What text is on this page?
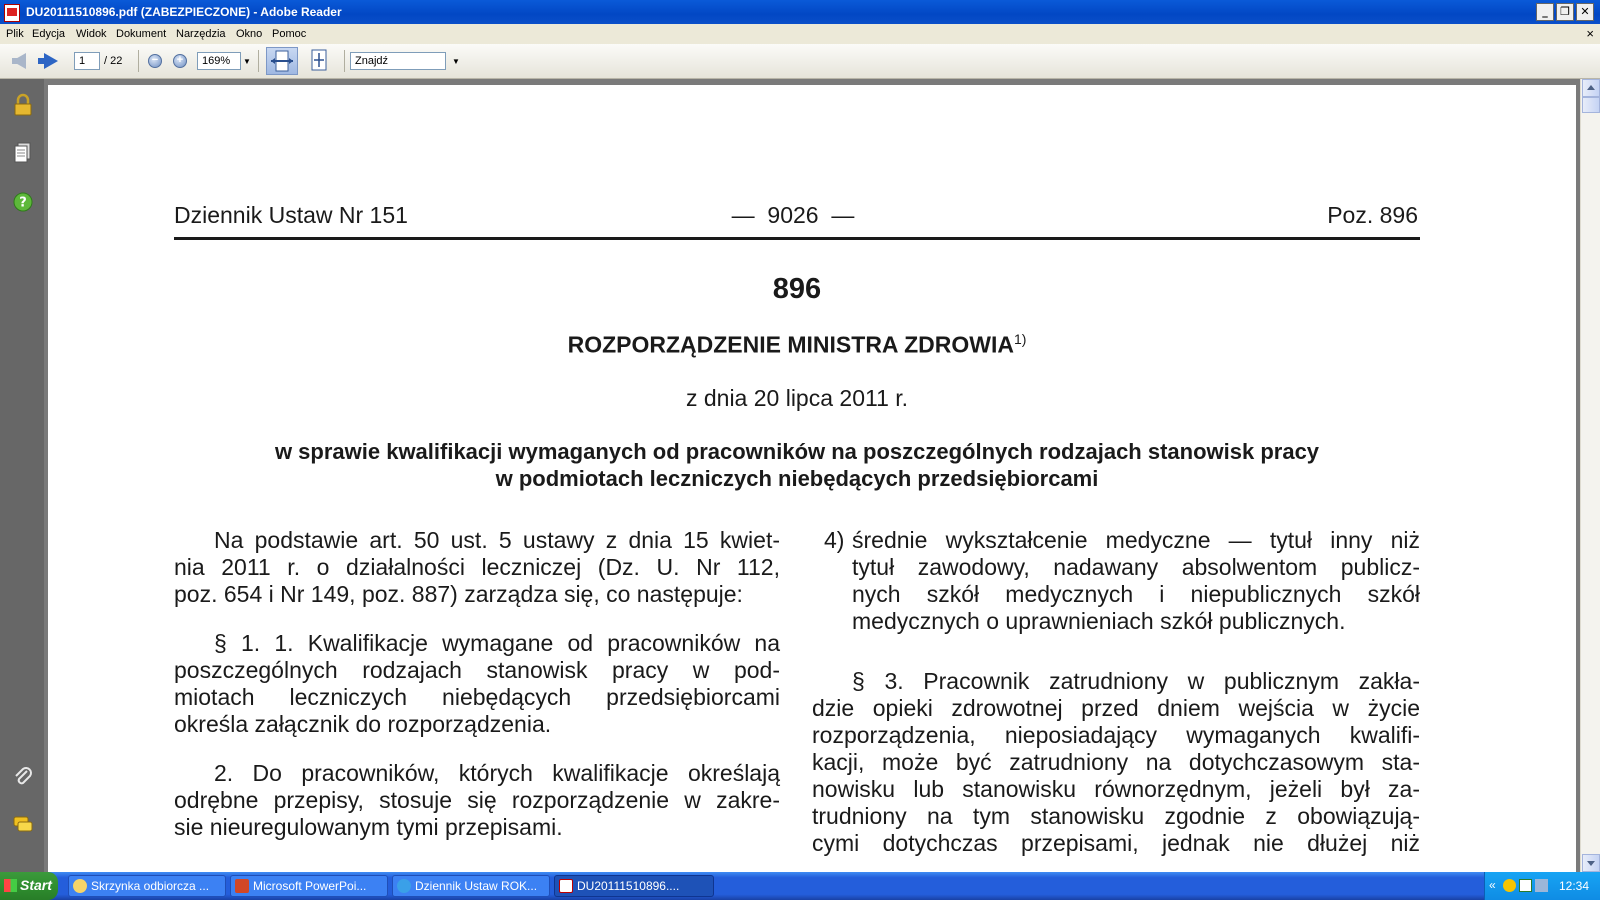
DU20111510896.pdf (ZABEZPIECZONE) - Adobe Reader	_	❐ ✕
Plik Edycja Widok Dokument Narzędzia Okno Pomoc	×
1	/ 22	−	+	169%	▼	Znajdź	▼
?	Dziennik Ustaw Nr 151	—  9026  —	Poz. 896
896
ROZPORZĄDZENIE MINISTRA ZDROWIA$^{1)}$
z dnia 20 lipca 2011 r.
w sprawie kwalifikacji wymaganych od pracowników na poszczególnych rodzajach stanowisk pracy
w podmiotach leczniczych niebędących przedsiębiorcami
Na podstawie art. 50 ust. 5 ustawy z dnia 15 kwiet-
nia 2011 r. o działalności leczniczej (Dz. U. Nr 112,
poz. 654 i Nr 149, poz. 887) zarządza się, co następuje:
§ 1. 1. Kwalifikacje wymagane od pracowników na
poszczególnych rodzajach stanowisk pracy w pod-
miotach leczniczych niebędących przedsiębiorcami
określa załącznik do rozporządzenia.
2. Do pracowników, których kwalifikacje określają
odrębne przepisy, stosuje się rozporządzenie w zakre-
sie nieuregulowanym tymi przepisami.
4) średnie wykształcenie medyczne — tytuł inny niż
tytuł zawodowy, nadawany absolwentom publicz-
nych szkół medycznych i niepublicznych szkół
medycznych o uprawnieniach szkół publicznych.
§ 3. Pracownik zatrudniony w publicznym zakła-
dzie opieki zdrowotnej przed dniem wejścia w życie
rozporządzenia, nieposiadający wymaganych kwalifi-
kacji, może być zatrudniony na dotychczasowym sta-
nowisku lub stanowisku równorzędnym, jeżeli był za-
trudniony na tym stanowisku zgodnie z obowiązują-
cymi dotychczas przepisami, jednak nie dłużej niż
Start	Skrzynka odbiorcza ...	Microsoft PowerPoi...	Dziennik Ustaw ROK...	DU20111510896....	«	12:34
